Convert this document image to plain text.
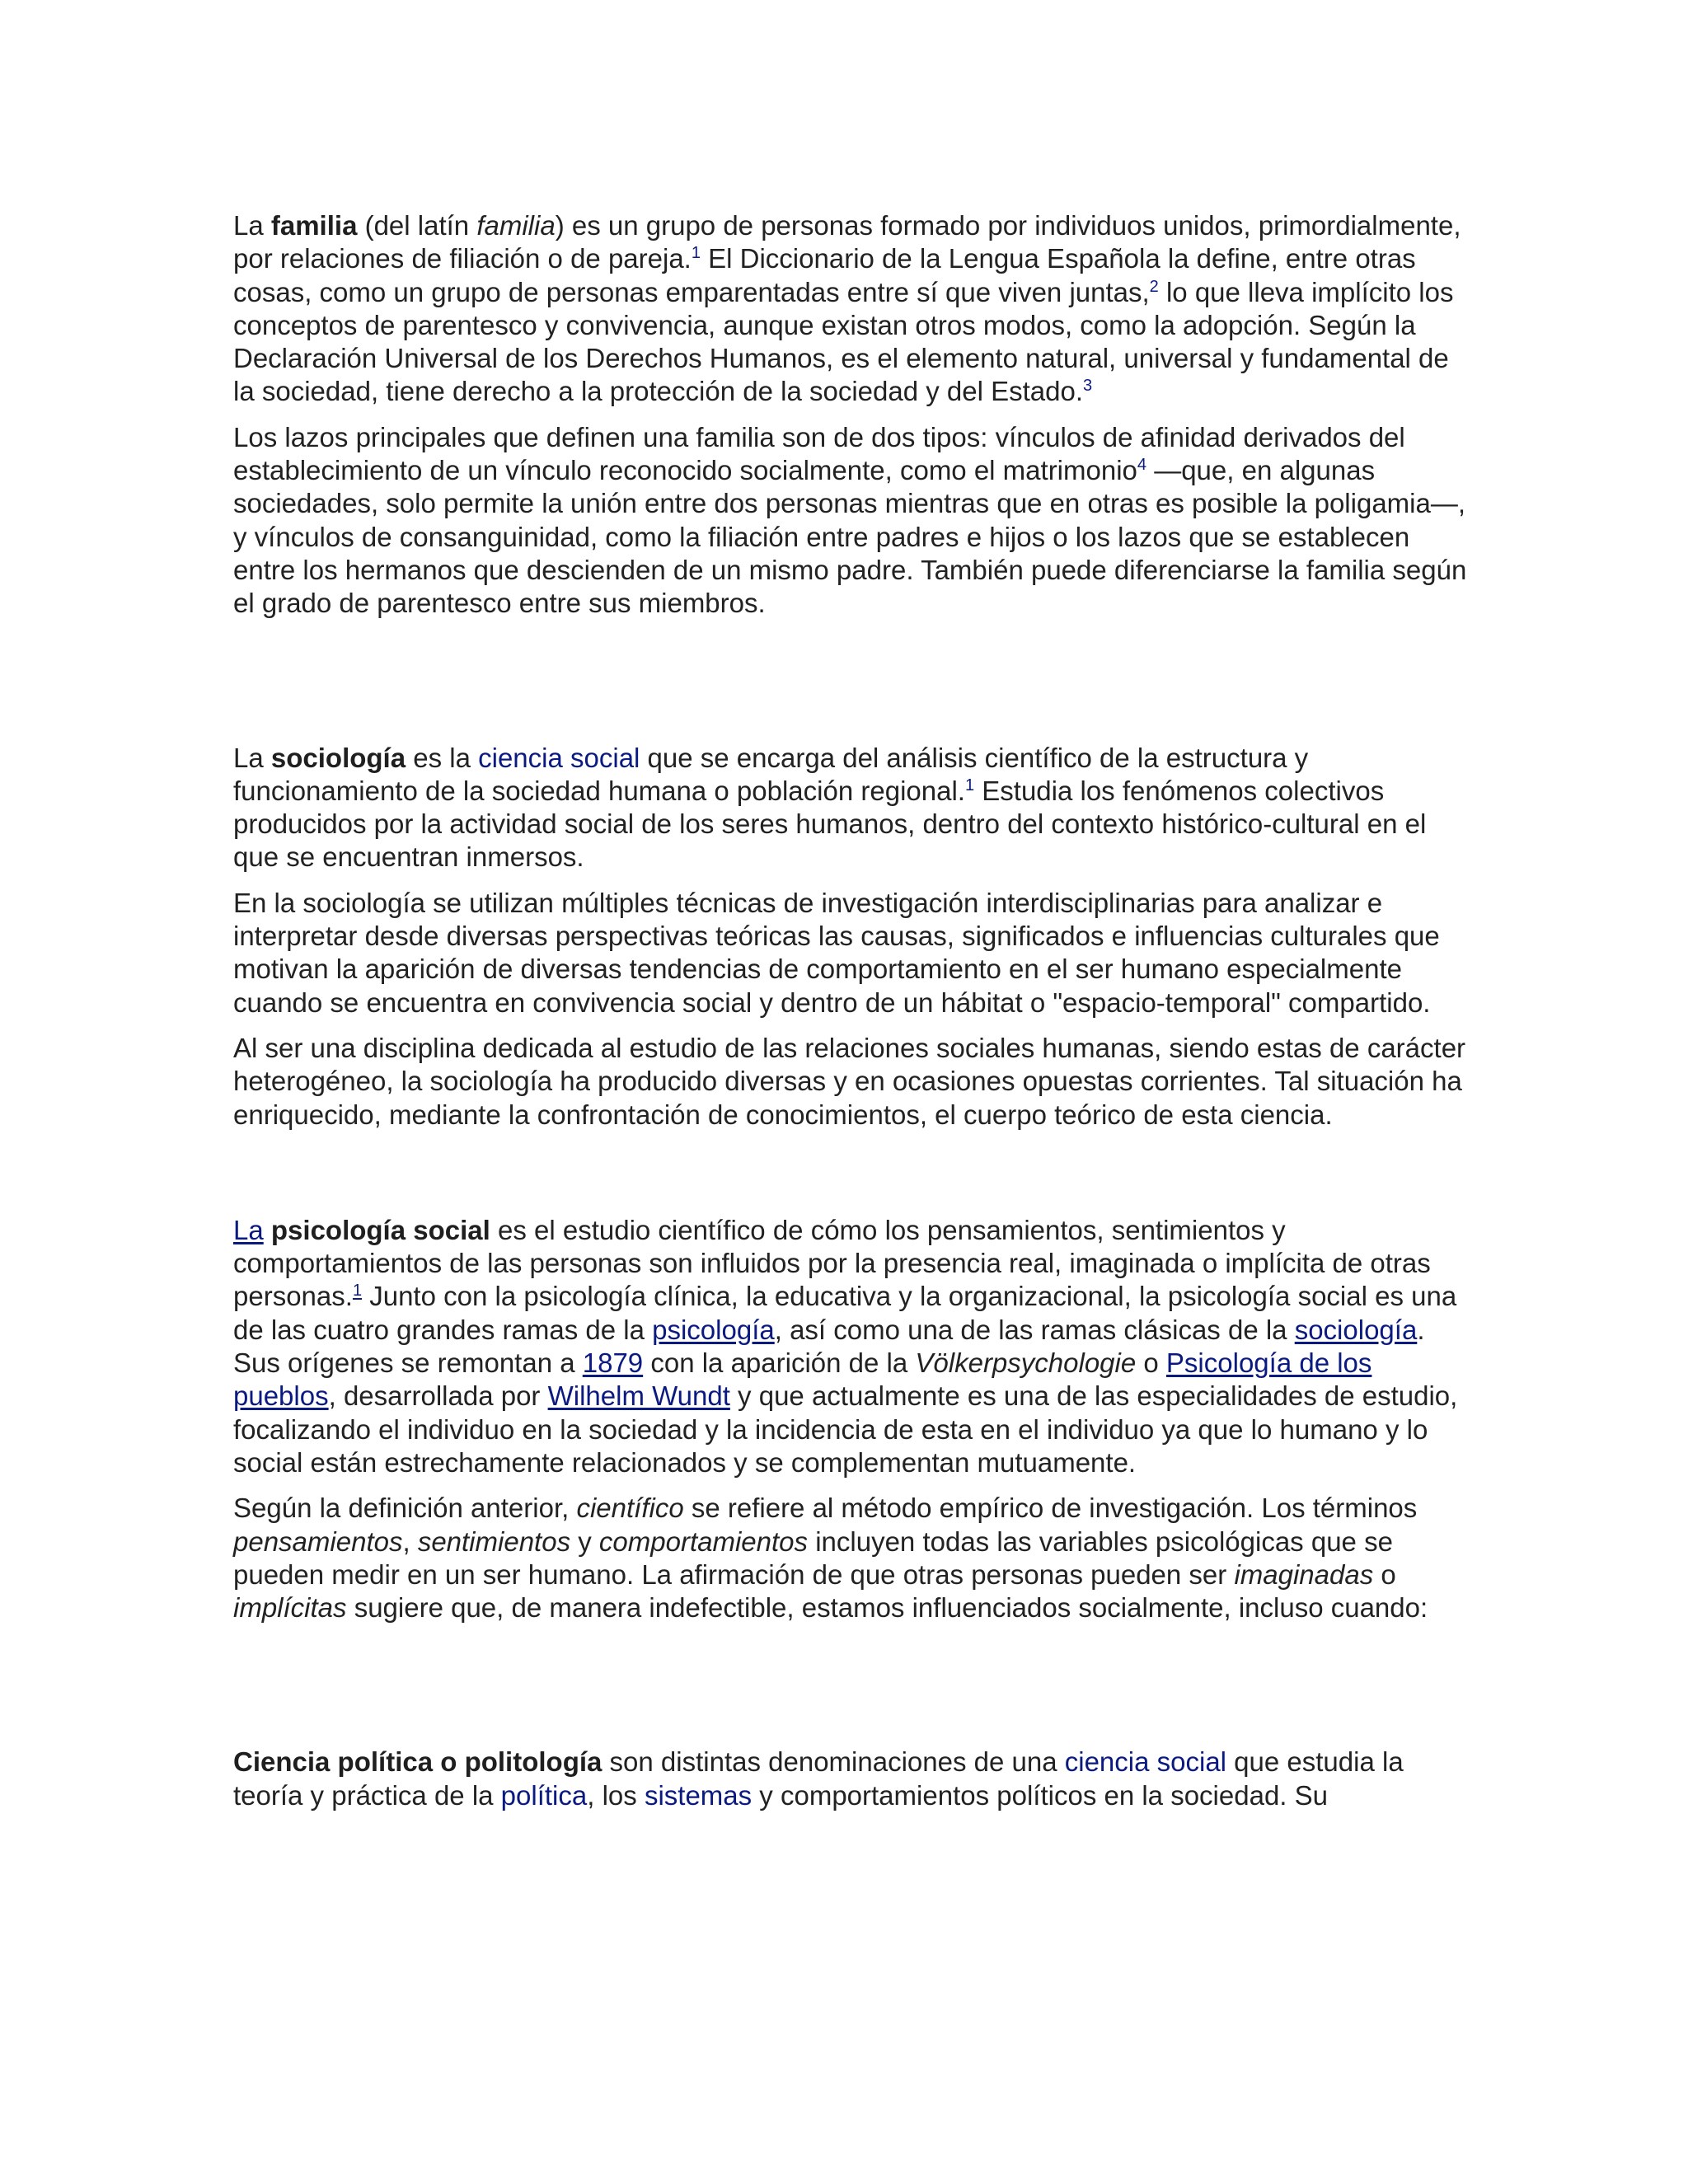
La familia (del latín familia) es un grupo de personas formado por individuos unidos, primordialmente, por relaciones de filiación o de pareja.$^1$ El Diccionario de la Lengua Española la define, entre otras cosas, como un grupo de personas emparentadas entre sí que viven juntas,$^2$ lo que lleva implícito los conceptos de parentesco y convivencia, aunque existan otros modos, como la adopción. Según la Declaración Universal de los Derechos Humanos, es el elemento natural, universal y fundamental de la sociedad, tiene derecho a la protección de la sociedad y del Estado.$^3$

Los lazos principales que definen una familia son de dos tipos: vínculos de afinidad derivados del establecimiento de un vínculo reconocido socialmente, como el matrimonio$^4$ —que, en algunas sociedades, solo permite la unión entre dos personas mientras que en otras es posible la poligamia—, y vínculos de consanguinidad, como la filiación entre padres e hijos o los lazos que se establecen entre los hermanos que descienden de un mismo padre. También puede diferenciarse la familia según el grado de parentesco entre sus miembros.

La sociología es la ciencia social que se encarga del análisis científico de la estructura y funcionamiento de la sociedad humana o población regional.$^1$ Estudia los fenómenos colectivos producidos por la actividad social de los seres humanos, dentro del contexto histórico-cultural en el que se encuentran inmersos.

En la sociología se utilizan múltiples técnicas de investigación interdisciplinarias para analizar e interpretar desde diversas perspectivas teóricas las causas, significados e influencias culturales que motivan la aparición de diversas tendencias de comportamiento en el ser humano especialmente cuando se encuentra en convivencia social y dentro de un hábitat o "espacio-temporal" compartido.

Al ser una disciplina dedicada al estudio de las relaciones sociales humanas, siendo estas de carácter heterogéneo, la sociología ha producido diversas y en ocasiones opuestas corrientes. Tal situación ha enriquecido, mediante la confrontación de conocimientos, el cuerpo teórico de esta ciencia.

La psicología social es el estudio científico de cómo los pensamientos, sentimientos y comportamientos de las personas son influidos por la presencia real, imaginada o implícita de otras personas.$^1$ Junto con la psicología clínica, la educativa y la organizacional, la psicología social es una de las cuatro grandes ramas de la psicología, así como una de las ramas clásicas de la sociología. Sus orígenes se remontan a 1879 con la aparición de la Völkerpsychologie o Psicología de los pueblos, desarrollada por Wilhelm Wundt y que actualmente es una de las especialidades de estudio, focalizando el individuo en la sociedad y la incidencia de esta en el individuo ya que lo humano y lo social están estrechamente relacionados y se complementan mutuamente.

Según la definición anterior, científico se refiere al método empírico de investigación. Los términos pensamientos, sentimientos y comportamientos incluyen todas las variables psicológicas que se pueden medir en un ser humano. La afirmación de que otras personas pueden ser imaginadas o implícitas sugiere que, de manera indefectible, estamos influenciados socialmente, incluso cuando:

Ciencia política o politología son distintas denominaciones de una ciencia social que estudia la teoría y práctica de la política, los sistemas y comportamientos políticos en la sociedad. Su
